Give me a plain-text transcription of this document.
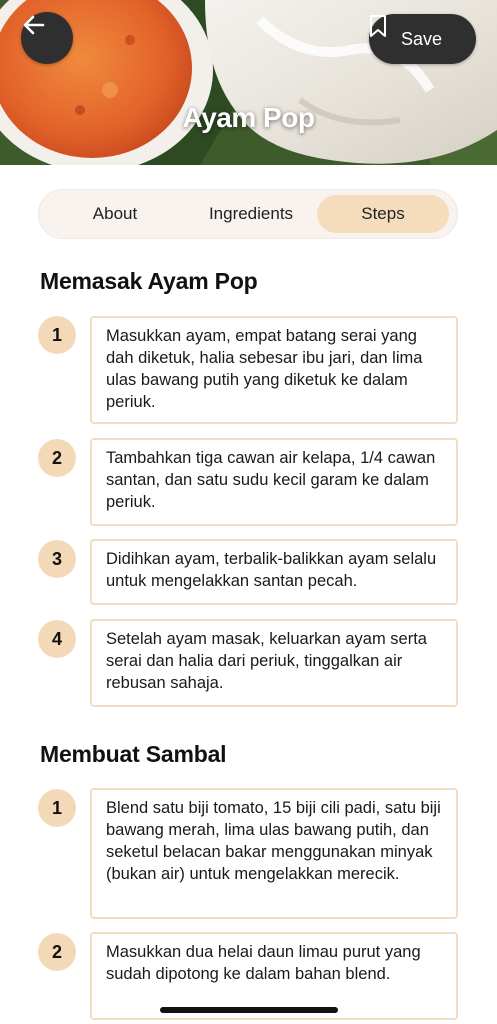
Ayam Pop
Save
About	Ingredients	Steps
Memasak Ayam Pop
1	Masukkan ayam, empat batang serai yang dah diketuk, halia sebesar ibu jari, dan lima ulas bawang putih yang diketuk ke dalam periuk.
2	Tambahkan tiga cawan air kelapa, 1/4 cawan santan, dan satu sudu kecil garam ke dalam periuk.
3	Didihkan ayam, terbalik-balikkan ayam selalu untuk mengelakkan santan pecah.
4	Setelah ayam masak, keluarkan ayam serta serai dan halia dari periuk, tinggalkan air rebusan sahaja.
Membuat Sambal
1	Blend satu biji tomato, 15 biji cili padi, satu biji bawang merah, lima ulas bawang putih, dan seketul belacan bakar menggunakan minyak (bukan air) untuk mengelakkan merecik.
2	Masukkan dua helai daun limau purut yang sudah dipotong ke dalam bahan blend.
